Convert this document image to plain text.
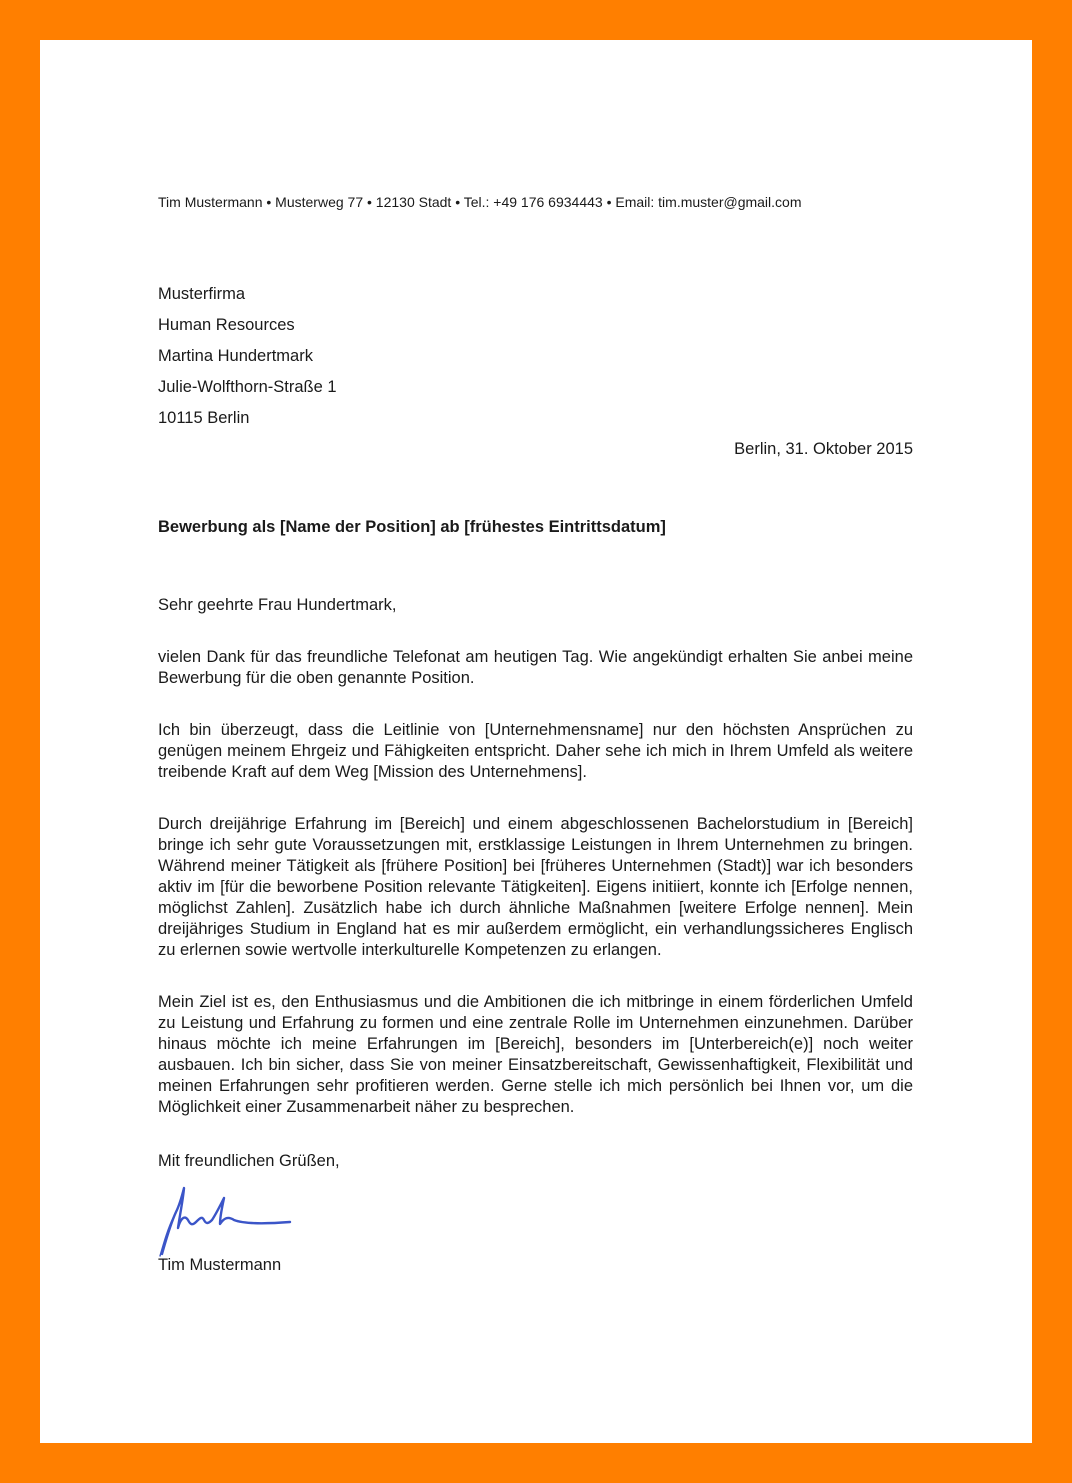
Tim Mustermann • Musterweg 77 • 12130 Stadt • Tel.: +49 176 6934443 • Email: tim.muster@gmail.com
Musterfirma
Human Resources
Martina Hundertmark
Julie-Wolfthorn-Straße 1
10115 Berlin
Berlin, 31. Oktober 2015
Bewerbung als [Name der Position] ab [frühestes Eintrittsdatum]
Sehr geehrte Frau Hundertmark,
vielen Dank für das freundliche Telefonat am heutigen Tag. Wie angekündigt erhalten Sie anbei meine Bewerbung für die oben genannte Position.
Ich bin überzeugt, dass die Leitlinie von [Unternehmensname] nur den höchsten Ansprüchen zu genügen meinem Ehrgeiz und Fähigkeiten entspricht. Daher sehe ich mich in Ihrem Umfeld als weitere treibende Kraft auf dem Weg [Mission des Unternehmens].
Durch dreijährige Erfahrung im [Bereich] und einem abgeschlossenen Bachelorstudium in [Bereich] bringe ich sehr gute Voraussetzungen mit, erstklassige Leistungen in Ihrem Unternehmen zu bringen. Während meiner Tätigkeit als [frühere Position] bei [früheres Unternehmen (Stadt)] war ich besonders aktiv im [für die beworbene Position relevante Tätigkeiten]. Eigens initiiert, konnte ich [Erfolge nennen, möglichst Zahlen]. Zusätzlich habe ich durch ähnliche Maßnahmen [weitere Erfolge nennen]. Mein dreijähriges Studium in England hat es mir außerdem ermöglicht, ein verhandlungssicheres Englisch zu erlernen sowie wertvolle interkulturelle Kompetenzen zu erlangen.
Mein Ziel ist es, den Enthusiasmus und die Ambitionen die ich mitbringe in einem förderlichen Umfeld zu Leistung und Erfahrung zu formen und eine zentrale Rolle im Unternehmen einzunehmen. Darüber hinaus möchte ich meine Erfahrungen im [Bereich], besonders im [Unterbereich(e)] noch weiter ausbauen. Ich bin sicher, dass Sie von meiner Einsatzbereitschaft, Gewissenhaftigkeit, Flexibilität und meinen Erfahrungen sehr profitieren werden. Gerne stelle ich mich persönlich bei Ihnen vor, um die Möglichkeit einer Zusammenarbeit näher zu besprechen.
Mit freundlichen Grüßen,
Tim Mustermann
